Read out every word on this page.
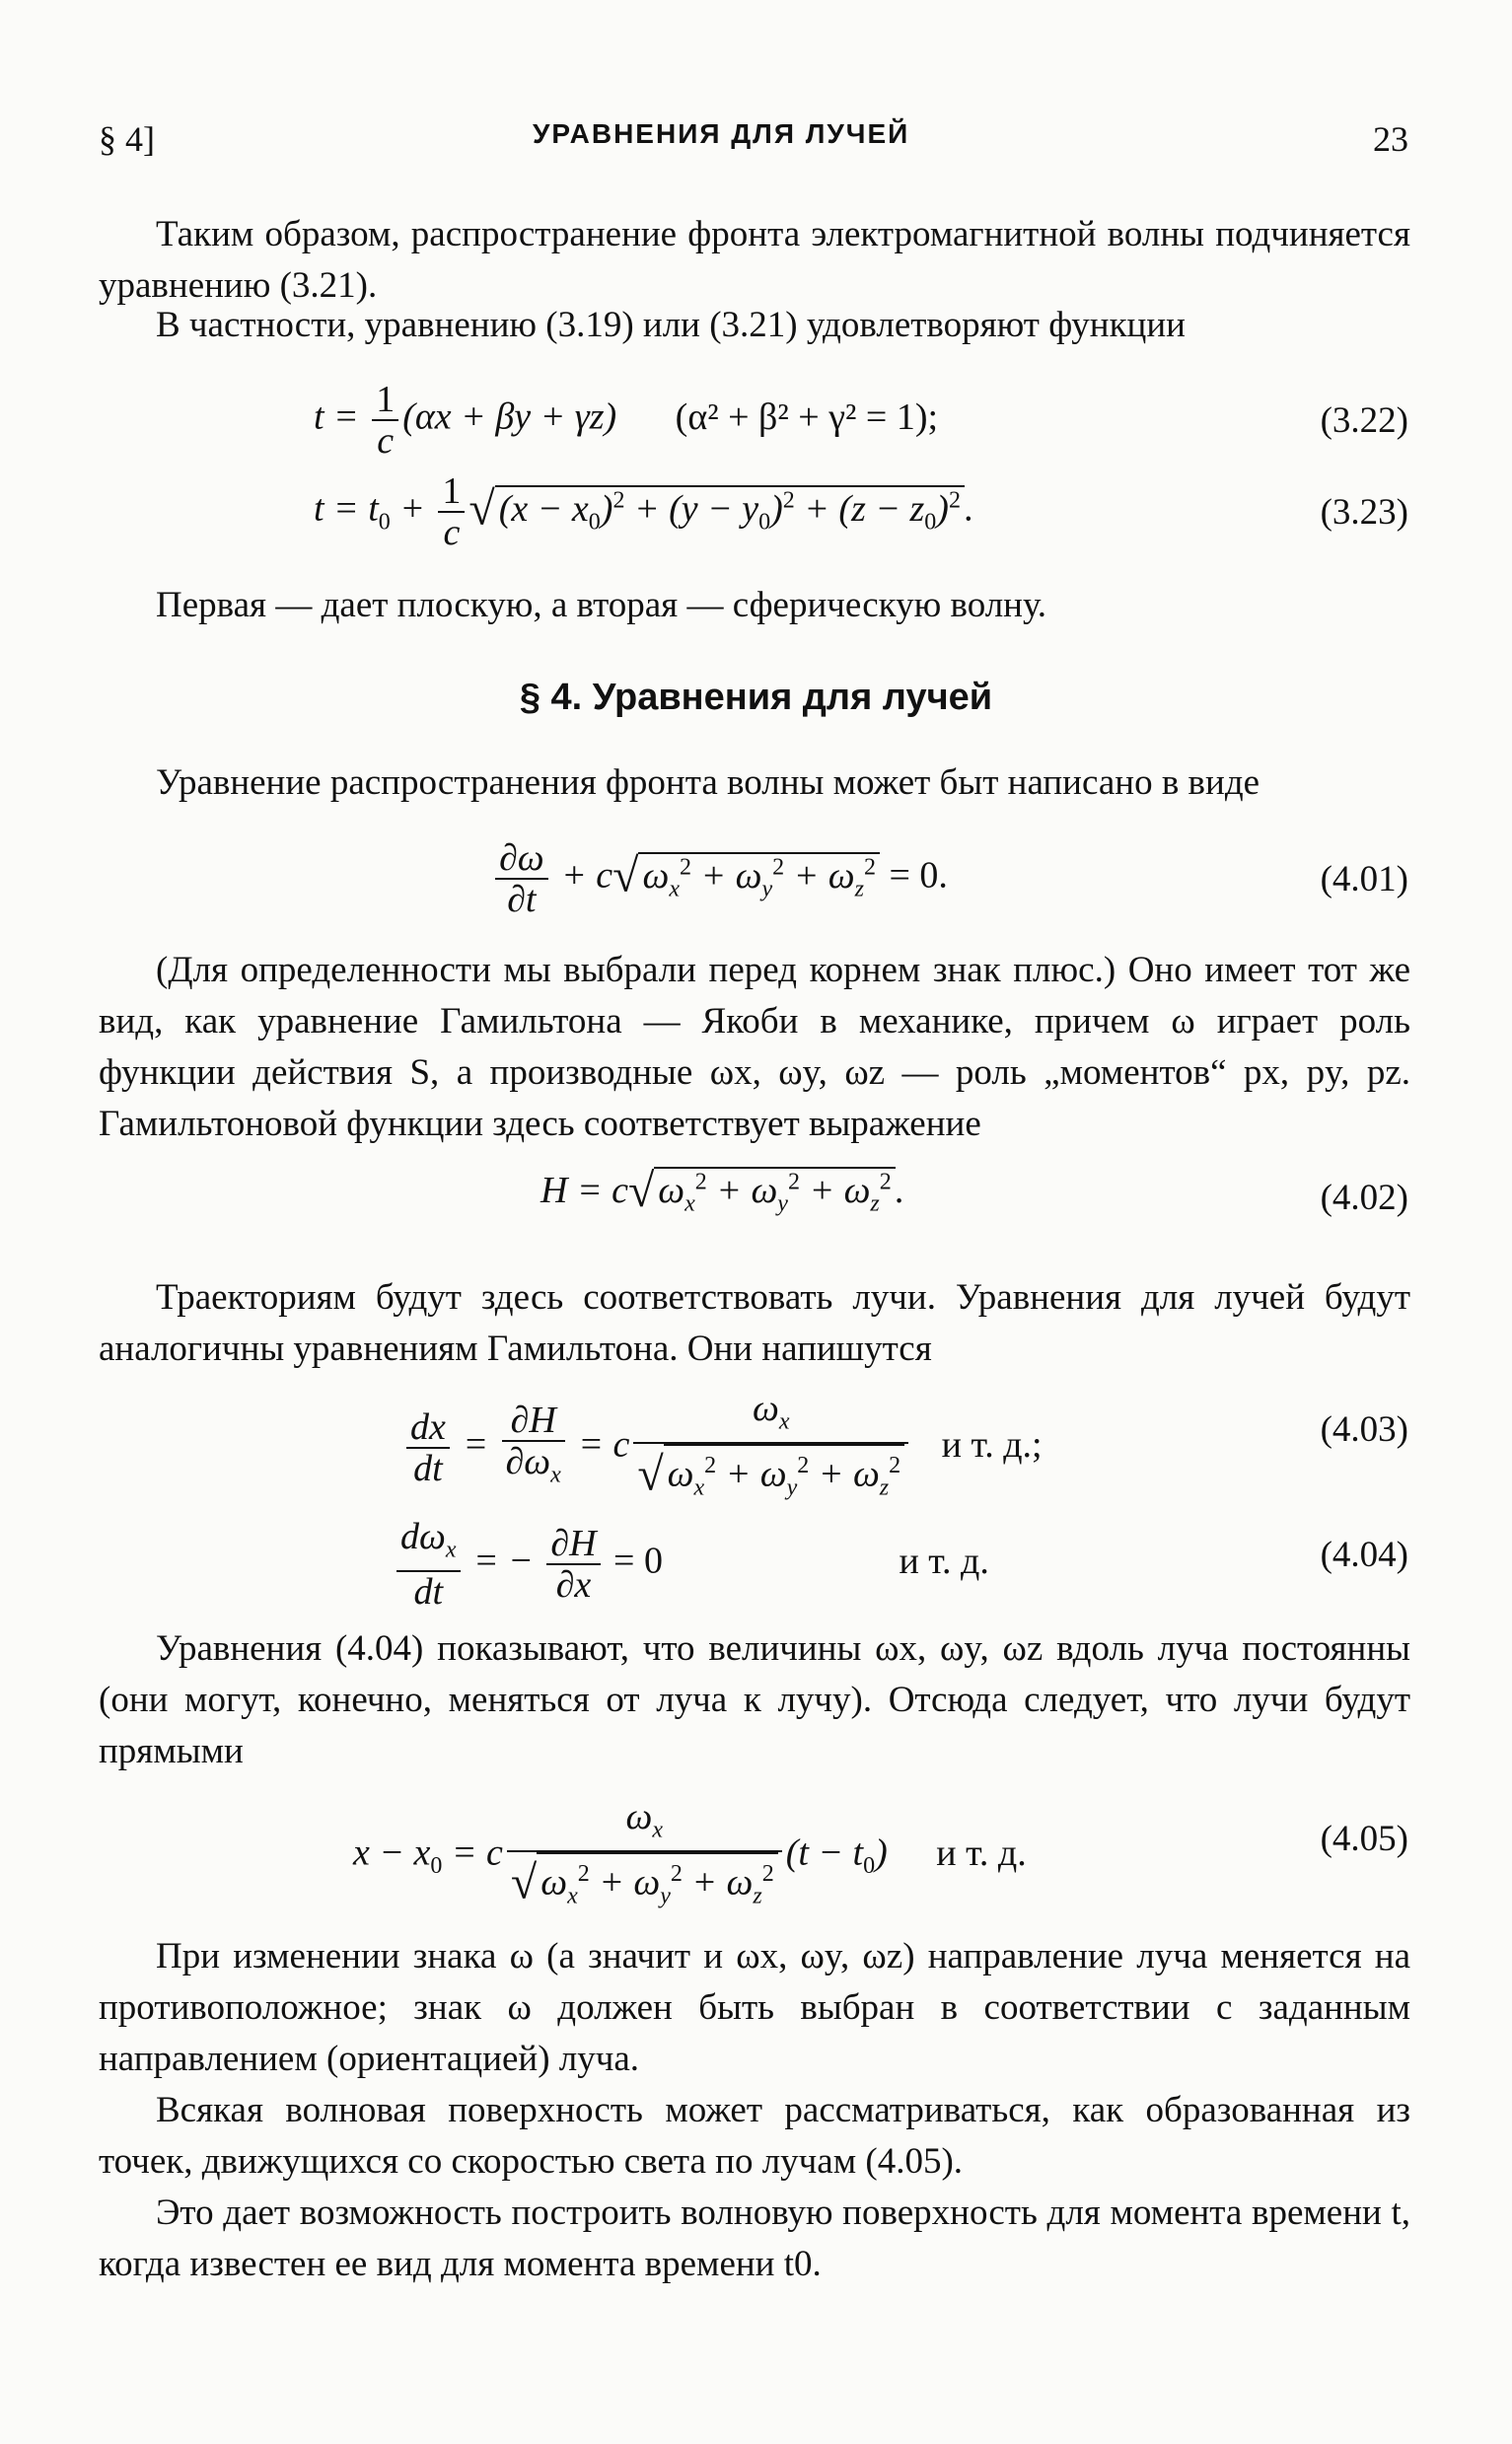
§ 4]	УРАВНЕНИЯ ДЛЯ ЛУЧЕЙ	23

Таким образом, распространение фронта электромагнитной волны подчиняется уравнению (3.21).

В частности, уравнению (3.19) или (3.21) удовлетворяют функции

$t = \frac{1}{c} (\alpha x + \beta y + \gamma z) (\alpha^2 + \beta^2 + \gamma^2 = 1)$;	(3.22)
$t = t_0 + \frac{1}{c}$ √ $(x - x_0)^2 + (y - y_0)^2 + (z - z_0)^2$ .	(3.23)

Первая — дает плоскую, а вторая — сферическую волну.

§ 4. Уравнения для лучей

Уравнение распространения фронта волны может быт написано в виде

$\frac{\partial\omega}{\partial t} + c√$ $\omega_x^2 + \omega_y^2 + \omega_z^2 = 0$.	(4.01)

(Для определенности мы выбрали перед корнем знак плюс.) Оно имеет тот же вид, как уравнение Гамильтона — Якоби в механике, причем ω играет роль функции действия S, а производные ωx, ωy, ωz — роль „моментов“ px, py, pz. Гамильтоновой функции здесь соответствует выражение

H = c√ $\omega_x^2 + \omega_y^2 + \omega_z^2$ .	(4.02)

Траекториям будут здесь соответствовать лучи. Уравнения для лучей будут аналогичны уравнениям Гамильтона. Они напишутся

$\frac{dx}{dt} = \frac{\partial H}{\partial\omega_x} = c \frac{\omega_x}{√ \omega_x^2 + \omega_y^2 + \omega_z^2}$ и т. д.;	(4.03)
$\frac{d\omega_x}{dt}$ = − $\frac{\partial H}{\partial x} = 0$	и т. д.	(4.04)

Уравнения (4.04) показывают, что величины ωx, ωy, ωz вдоль луча постоянны (они могут, конечно, меняться от луча к лучу). Отсюда следует, что лучи будут прямыми

$x - x_0 = c \frac{\omega_x}{√ \omega_x^2 + \omega_y^2 + \omega_z^2} (t - t_0)$ и т. д.	(4.05)

При изменении знака ω (а значит и ωx, ωy, ωz) направление луча меняется на противоположное; знак ω должен быть выбран в соответствии с заданным направлением (ориентацией) луча.

Всякая волновая поверхность может рассматриваться, как образованная из точек, движущихся со скоростью света по лучам (4.05).

Это дает возможность построить волновую поверхность для момента времени t, когда известен ее вид для момента времени t0.
